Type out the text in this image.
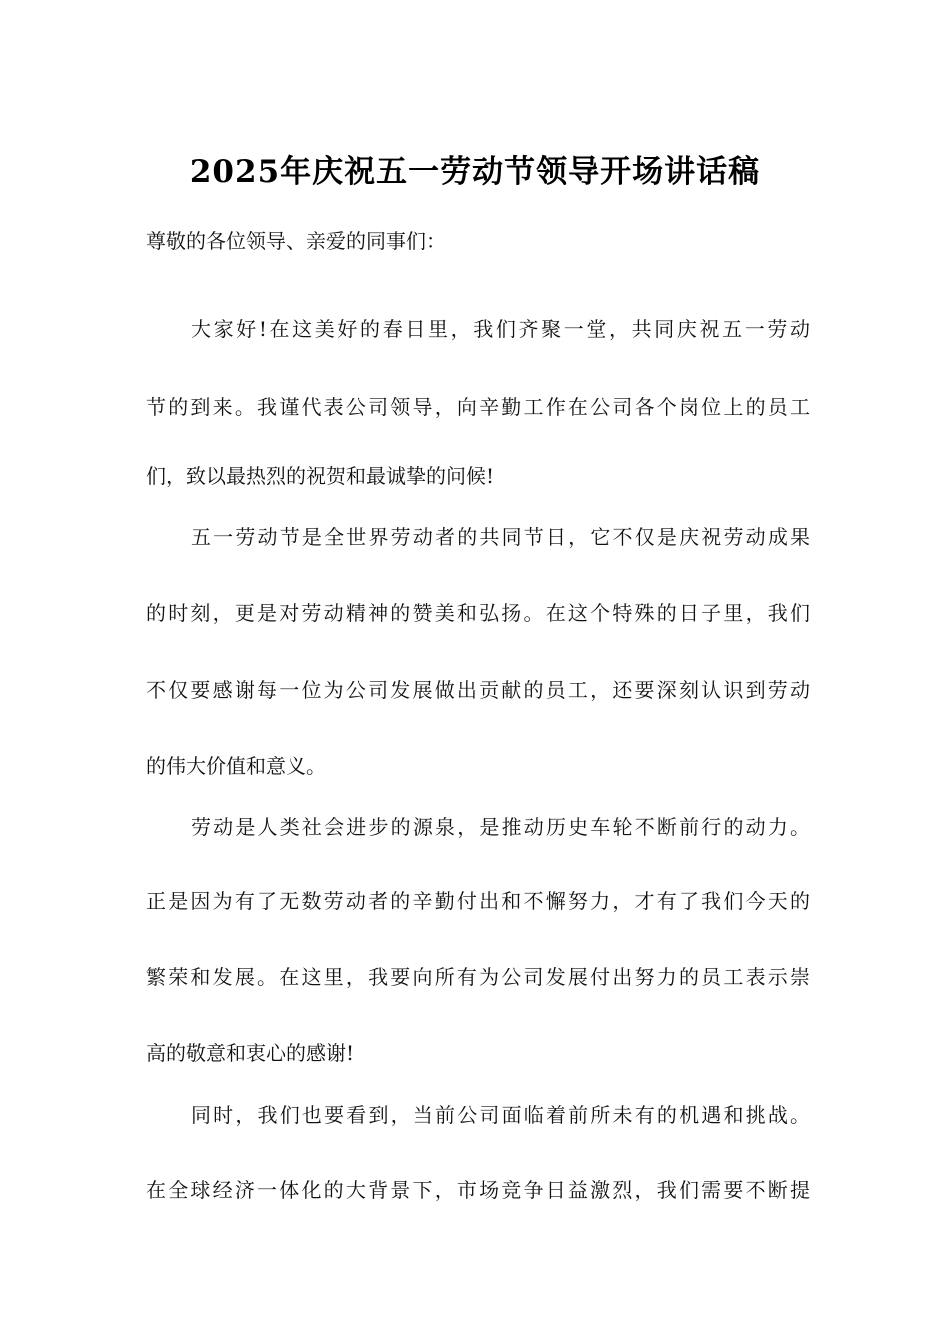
2025年庆祝五一劳动节领导开场讲话稿

尊敬的各位领导、亲爱的同事们：

大家好!在这美好的春日里，我们齐聚一堂，共同庆祝五一劳动

节的到来。我谨代表公司领导，向辛勤工作在公司各个岗位上的员工

们，致以最热烈的祝贺和最诚挚的问候!

五一劳动节是全世界劳动者的共同节日，它不仅是庆祝劳动成果

的时刻，更是对劳动精神的赞美和弘扬。在这个特殊的日子里，我们

不仅要感谢每一位为公司发展做出贡献的员工，还要深刻认识到劳动

的伟大价值和意义。

劳动是人类社会进步的源泉，是推动历史车轮不断前行的动力。

正是因为有了无数劳动者的辛勤付出和不懈努力，才有了我们今天的

繁荣和发展。在这里，我要向所有为公司发展付出努力的员工表示崇

高的敬意和衷心的感谢!

同时，我们也要看到，当前公司面临着前所未有的机遇和挑战。

在全球经济一体化的大背景下，市场竞争日益激烈，我们需要不断提
